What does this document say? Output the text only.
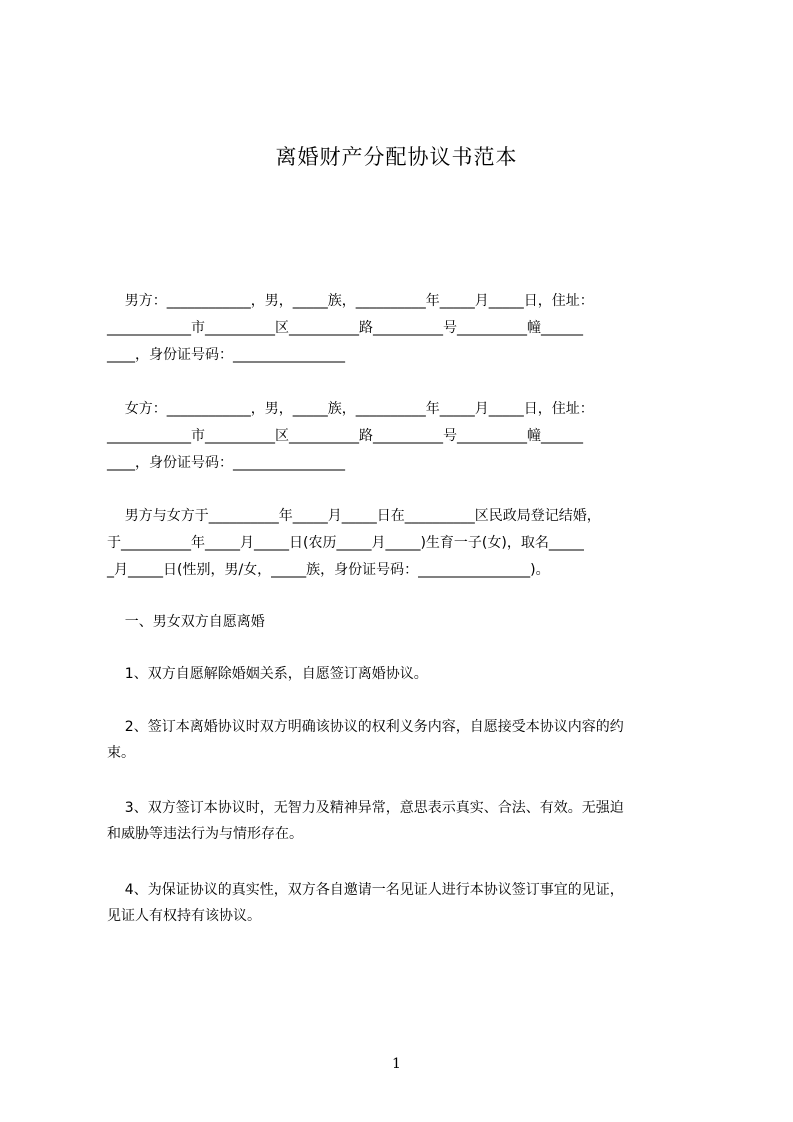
离婚财产分配协议书范本
男方：____________，男，_____族，__________年_____月_____日，住址：
____________市__________区__________路__________号__________幢______
____，身份证号码：________________
女方：____________，男，_____族，__________年_____月_____日，住址：
____________市__________区__________路__________号__________幢______
____，身份证号码：________________
男方与女方于__________年_____月_____日在__________区民政局登记结婚，
于__________年_____月_____日(农历_____月_____)生育一子(女)，取名_____
_月_____日(性别，男/女，_____族，身份证号码：________________)。
一、男女双方自愿离婚
1、双方自愿解除婚姻关系，自愿签订离婚协议。
2、签订本离婚协议时双方明确该协议的权利义务内容，自愿接受本协议内容的约
束。
3、双方签订本协议时，无智力及精神异常，意思表示真实、合法、有效。无强迫
和威胁等违法行为与情形存在。
4、为保证协议的真实性，双方各自邀请一名见证人进行本协议签订事宜的见证，
见证人有权持有该协议。
1
